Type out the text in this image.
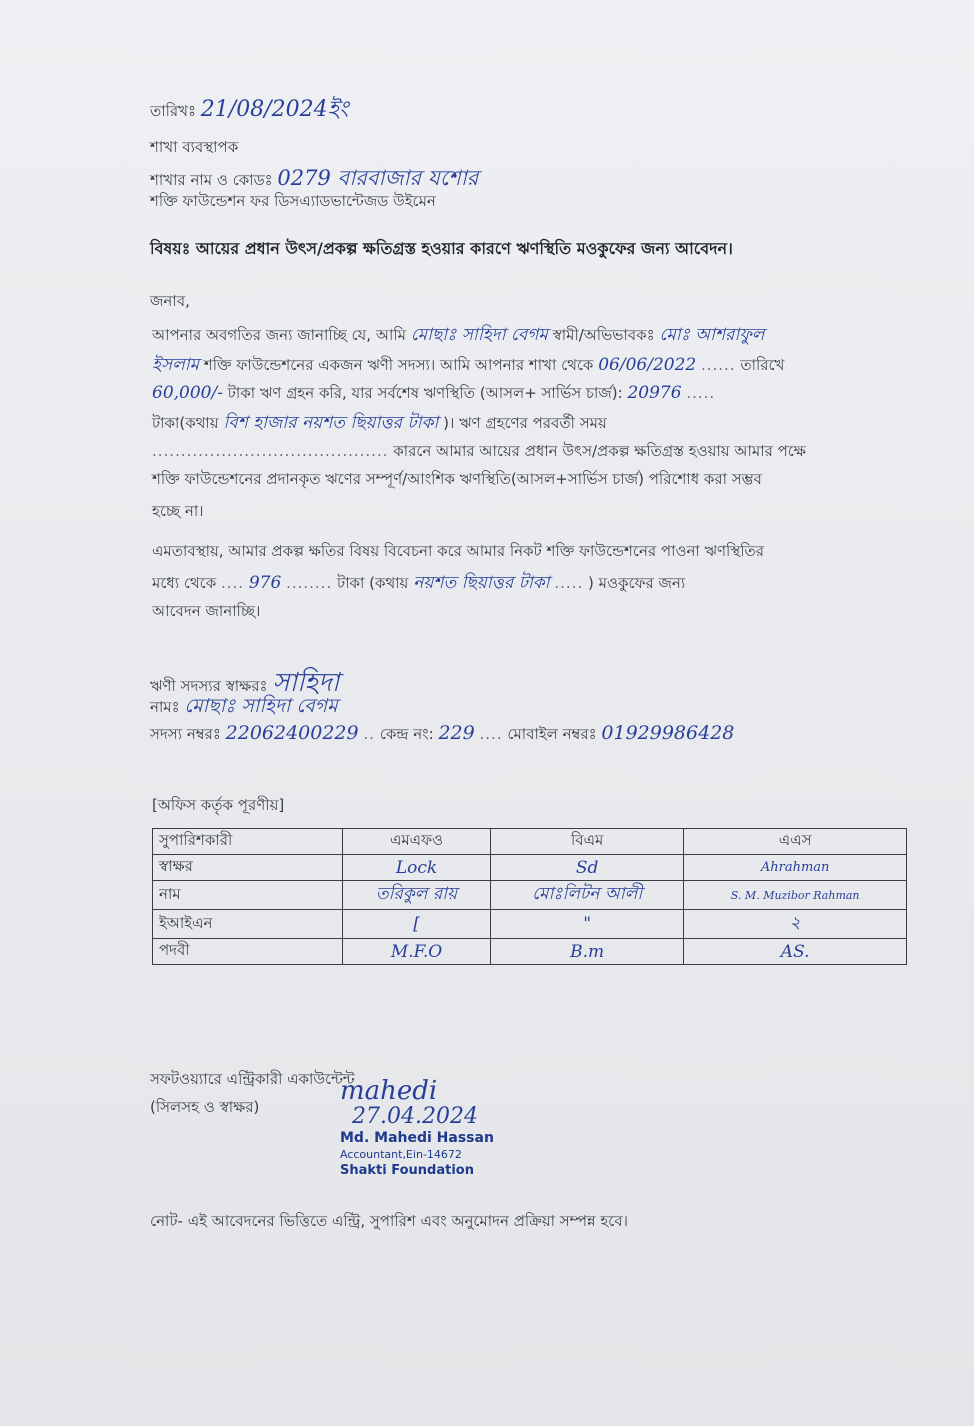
তারিখঃ 21/08/2024ইং
শাখা ব্যবস্থাপক
শাখার নাম ও কোডঃ 0279 বারবাজার যশোর
শক্তি ফাউন্ডেশন ফর ডিসএ্যাডভান্টেজড উইমেন
বিষয়ঃ আয়ের প্রধান উৎস/প্রকল্প ক্ষতিগ্রস্ত হওয়ার কারণে ঋণস্থিতি মওকুফের জন্য আবেদন।
জনাব,
আপনার অবগতির জন্য জানাচ্ছি যে, আমি মোছাঃ সাহিদা বেগম স্বামী/অভিভাবকঃ মোঃ আশরাফুল
ইসলাম শক্তি ফাউন্ডেশনের একজন ঋণী সদস্য। আমি আপনার শাখা থেকে 06/06/2022 ...... তারিখে
60,000/- টাকা ঋণ গ্রহন করি, যার সর্বশেষ ঋণস্থিতি (আসল+ সার্ভিস চার্জ): 20976 .....
টাকা(কথায় বিশ হাজার নয়শত ছিয়াত্তর টাকা )। ঋণ গ্রহণের পরবর্তী সময়
......................................... কারনে আমার আয়ের প্রধান উৎস/প্রকল্প ক্ষতিগ্রস্ত হওয়ায় আমার পক্ষে
শক্তি ফাউন্ডেশনের প্রদানকৃত ঋণের সম্পূর্ণ/আংশিক ঋণস্থিতি(আসল+সার্ভিস চার্জ) পরিশোধ করা সম্ভব
হচ্ছে না।
এমতাবস্থায়, আমার প্রকল্প ক্ষতির বিষয় বিবেচনা করে আমার নিকট শক্তি ফাউন্ডেশনের পাওনা ঋণস্থিতির
মধ্যে থেকে .... 976 ........ টাকা (কথায় নয়শত ছিয়াত্তর টাকা ..... ) মওকুফের জন্য
আবেদন জানাচ্ছি।
ঋণী সদস্যর স্বাক্ষরঃ সাহিদা
নামঃ মোছাঃ সাহিদা বেগম
সদস্য নম্বরঃ 22062400229 .. কেন্দ্র নং: 229 .... মোবাইল নম্বরঃ 01929986428
[অফিস কর্তৃক পূরণীয়]
সুপারিশকারী	এমএফও	বিএম	এএস
স্বাক্ষর	Lock	Sd	Ahrahman
নাম	তরিকুল রায়	মোঃলিটন আলী	S. M. Muzibor Rahman
ইআইএন	[	"	২
পদবী	M.F.O	B.m	AS.
সফটওয়্যারে এন্ট্রিকারী একাউন্টেন্ট
(সিলসহ ও স্বাক্ষর)
mahedi
27.04.2024
Md. Mahedi Hassan
Accountant,Ein-14672
Shakti Foundation
নোট- এই আবেদনের ভিত্তিতে এন্ট্রি, সুপারিশ এবং অনুমোদন প্রক্রিয়া সম্পন্ন হবে।
